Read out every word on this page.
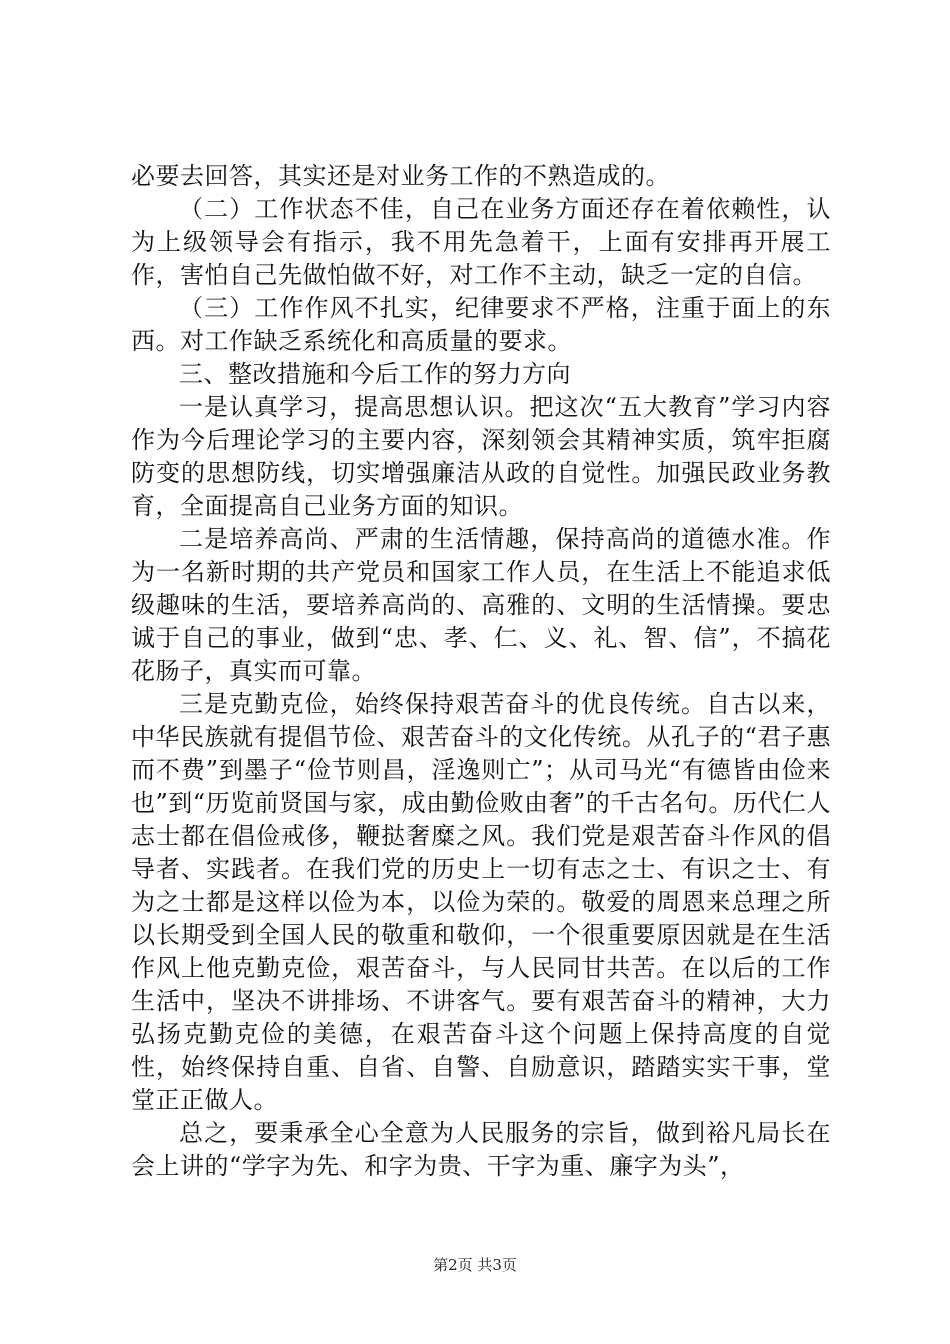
必要去回答，其实还是对业务工作的不熟造成的。

（二）工作状态不佳，自己在业务方面还存在着依赖性，认为上级领导会有指示，我不用先急着干，上面有安排再开展工作，害怕自己先做怕做不好，对工作不主动，缺乏一定的自信。

（三）工作作风不扎实，纪律要求不严格，注重于面上的东西。对工作缺乏系统化和高质量的要求。

三、整改措施和今后工作的努力方向

一是认真学习，提高思想认识。把这次“五大教育”学习内容作为今后理论学习的主要内容，深刻领会其精神实质，筑牢拒腐防变的思想防线，切实增强廉洁从政的自觉性。加强民政业务教育，全面提高自己业务方面的知识。

二是培养高尚、严肃的生活情趣，保持高尚的道德水准。作为一名新时期的共产党员和国家工作人员，在生活上不能追求低级趣味的生活，要培养高尚的、高雅的、文明的生活情操。要忠诚于自己的事业，做到“忠、孝、仁、义、礼、智、信”，不搞花花肠子，真实而可靠。

三是克勤克俭，始终保持艰苦奋斗的优良传统。自古以来，中华民族就有提倡节俭、艰苦奋斗的文化传统。从孔子的“君子惠而不费”到墨子“俭节则昌，淫逸则亡”；从司马光“有德皆由俭来也”到“历览前贤国与家，成由勤俭败由奢”的千古名句。历代仁人志士都在倡俭戒侈，鞭挞奢糜之风。我们党是艰苦奋斗作风的倡导者、实践者。在我们党的历史上一切有志之士、有识之士、有为之士都是这样以俭为本，以俭为荣的。敬爱的周恩来总理之所以长期受到全国人民的敬重和敬仰，一个很重要原因就是在生活作风上他克勤克俭，艰苦奋斗，与人民同甘共苦。在以后的工作生活中，坚决不讲排场、不讲客气。要有艰苦奋斗的精神，大力弘扬克勤克俭的美德，在艰苦奋斗这个问题上保持高度的自觉性，始终保持自重、自省、自警、自励意识，踏踏实实干事，堂堂正正做人。

总之，要秉承全心全意为人民服务的宗旨，做到裕凡局长在会上讲的“学字为先、和字为贵、干字为重、廉字为头”，

第2页 共3页
